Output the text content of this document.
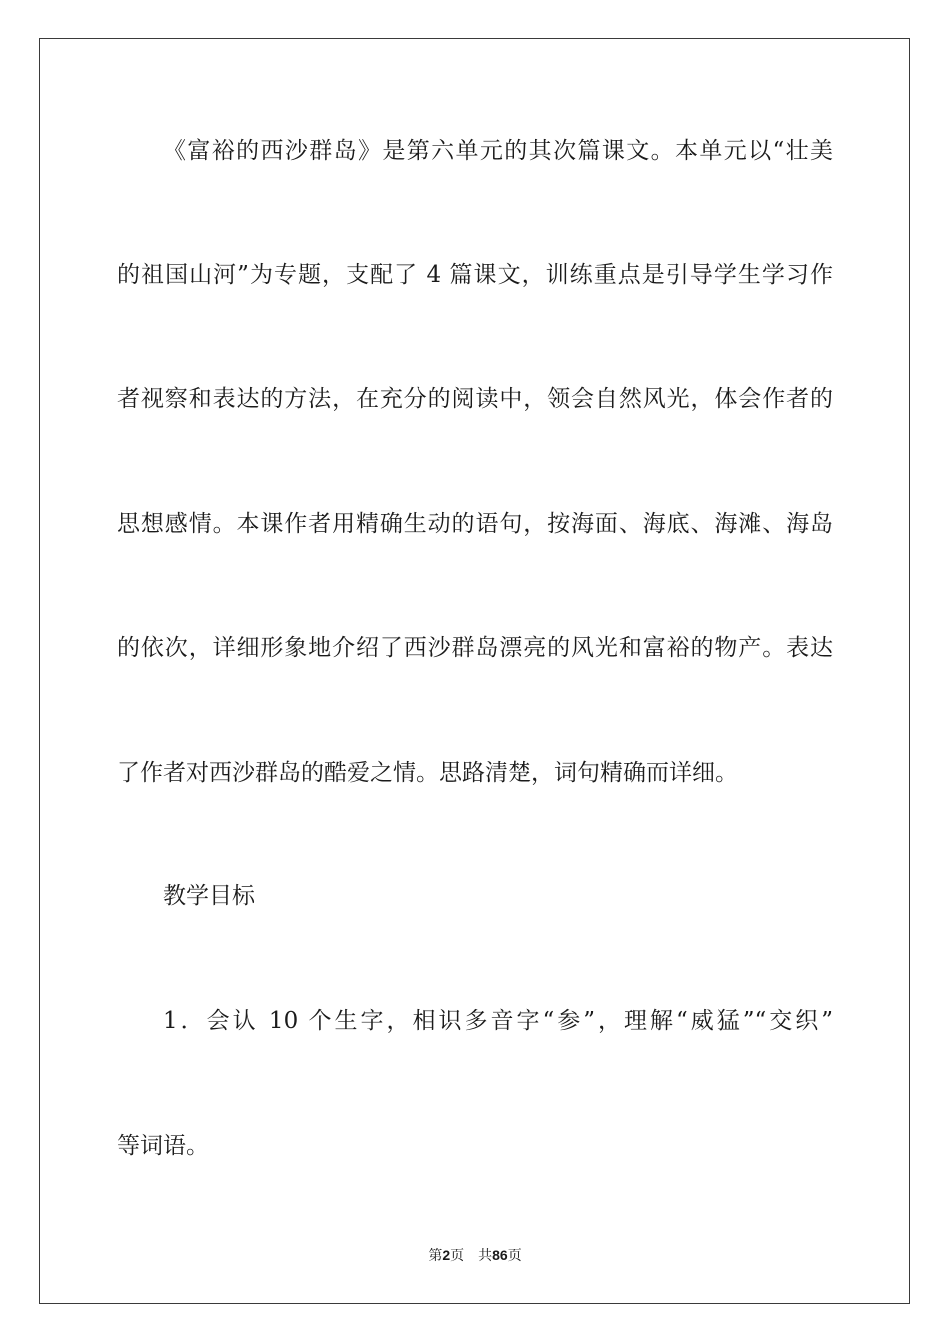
《富裕的西沙群岛》是第六单元的其次篇课文。本单元以“壮美
的祖国山河”为专题，支配了 4 篇课文，训练重点是引导学生学习作
者视察和表达的方法，在充分的阅读中，领会自然风光，体会作者的
思想感情。本课作者用精确生动的语句，按海面、海底、海滩、海岛
的依次，详细形象地介绍了西沙群岛漂亮的风光和富裕的物产。表达
了作者对西沙群岛的酷爱之情。思路清楚，词句精确而详细。
教学目标
1．会认 10 个生字，相识多音字“参”，理解“威猛”“交织”
等词语。
第2页 共86页
